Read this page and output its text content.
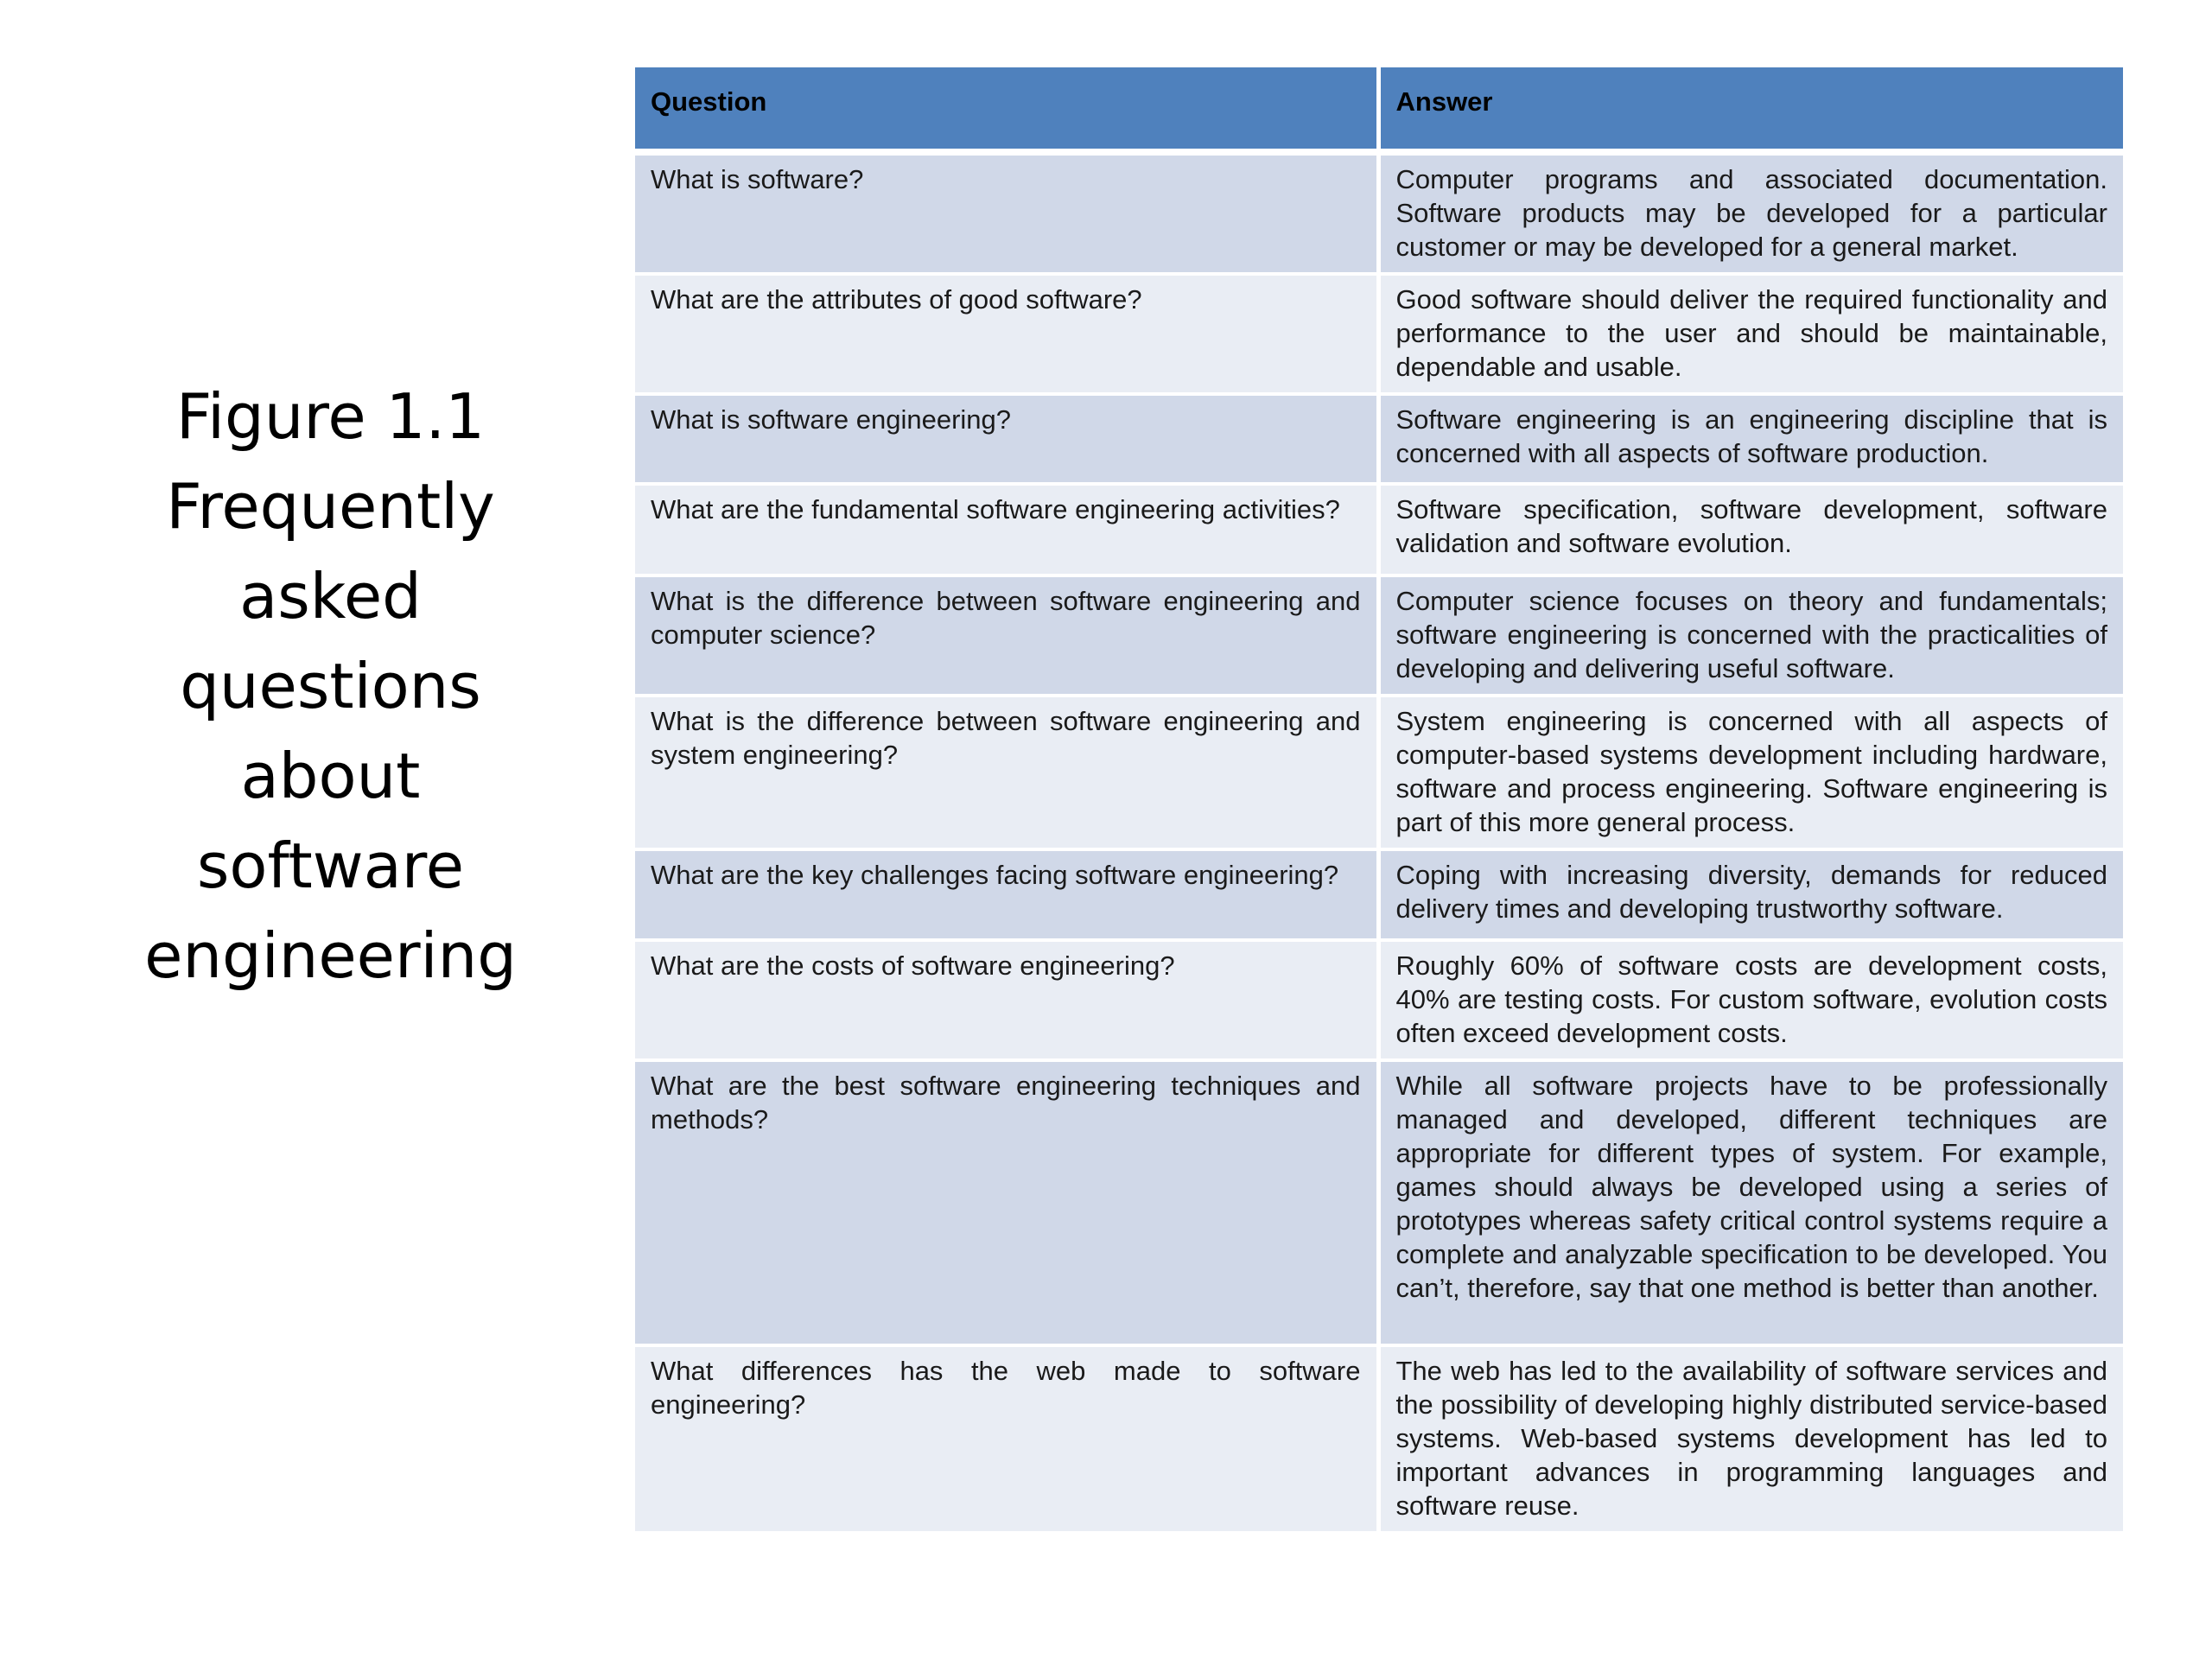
Figure 1.1
Frequently
asked
questions
about
software
engineering
Question	Answer
What is software?	Computer programs and associated documentation. Software products may be developed for a particular customer or may be developed for a general market.
What are the attributes of good software?	Good software should deliver the required functionality and performance to the user and should be maintainable, dependable and usable.
What is software engineering?	Software engineering is an engineering discipline that is concerned with all aspects of software production.
What are the fundamental software engineering activities?	Software specification, software development, software validation and software evolution.
What is the difference between software engineering and computer science?	Computer science focuses on theory and fundamentals; software engineering is concerned with the practicalities of developing and delivering useful software.
What is the difference between software engineering and system engineering?	System engineering is concerned with all aspects of computer-based systems development including hardware, software and process engineering. Software engineering is part of this more general process.
What are the key challenges facing software engineering?	Coping with increasing diversity, demands for reduced delivery times and developing trustworthy software.
What are the costs of software engineering?	Roughly 60% of software costs are development costs, 40% are testing costs. For custom software, evolution costs often exceed development costs.
What are the best software engineering techniques and methods?	While all software projects have to be professionally managed and developed, different techniques are appropriate for different types of system. For example, games should always be developed using a series of prototypes whereas safety critical control systems require a complete and analyzable specification to be developed. You can’t, therefore, say that one method is better than another.
What differences has the web made to software engineering?	The web has led to the availability of software services and the possibility of developing highly distributed service-based systems. Web-based systems development has led to important advances in programming languages and software reuse.
